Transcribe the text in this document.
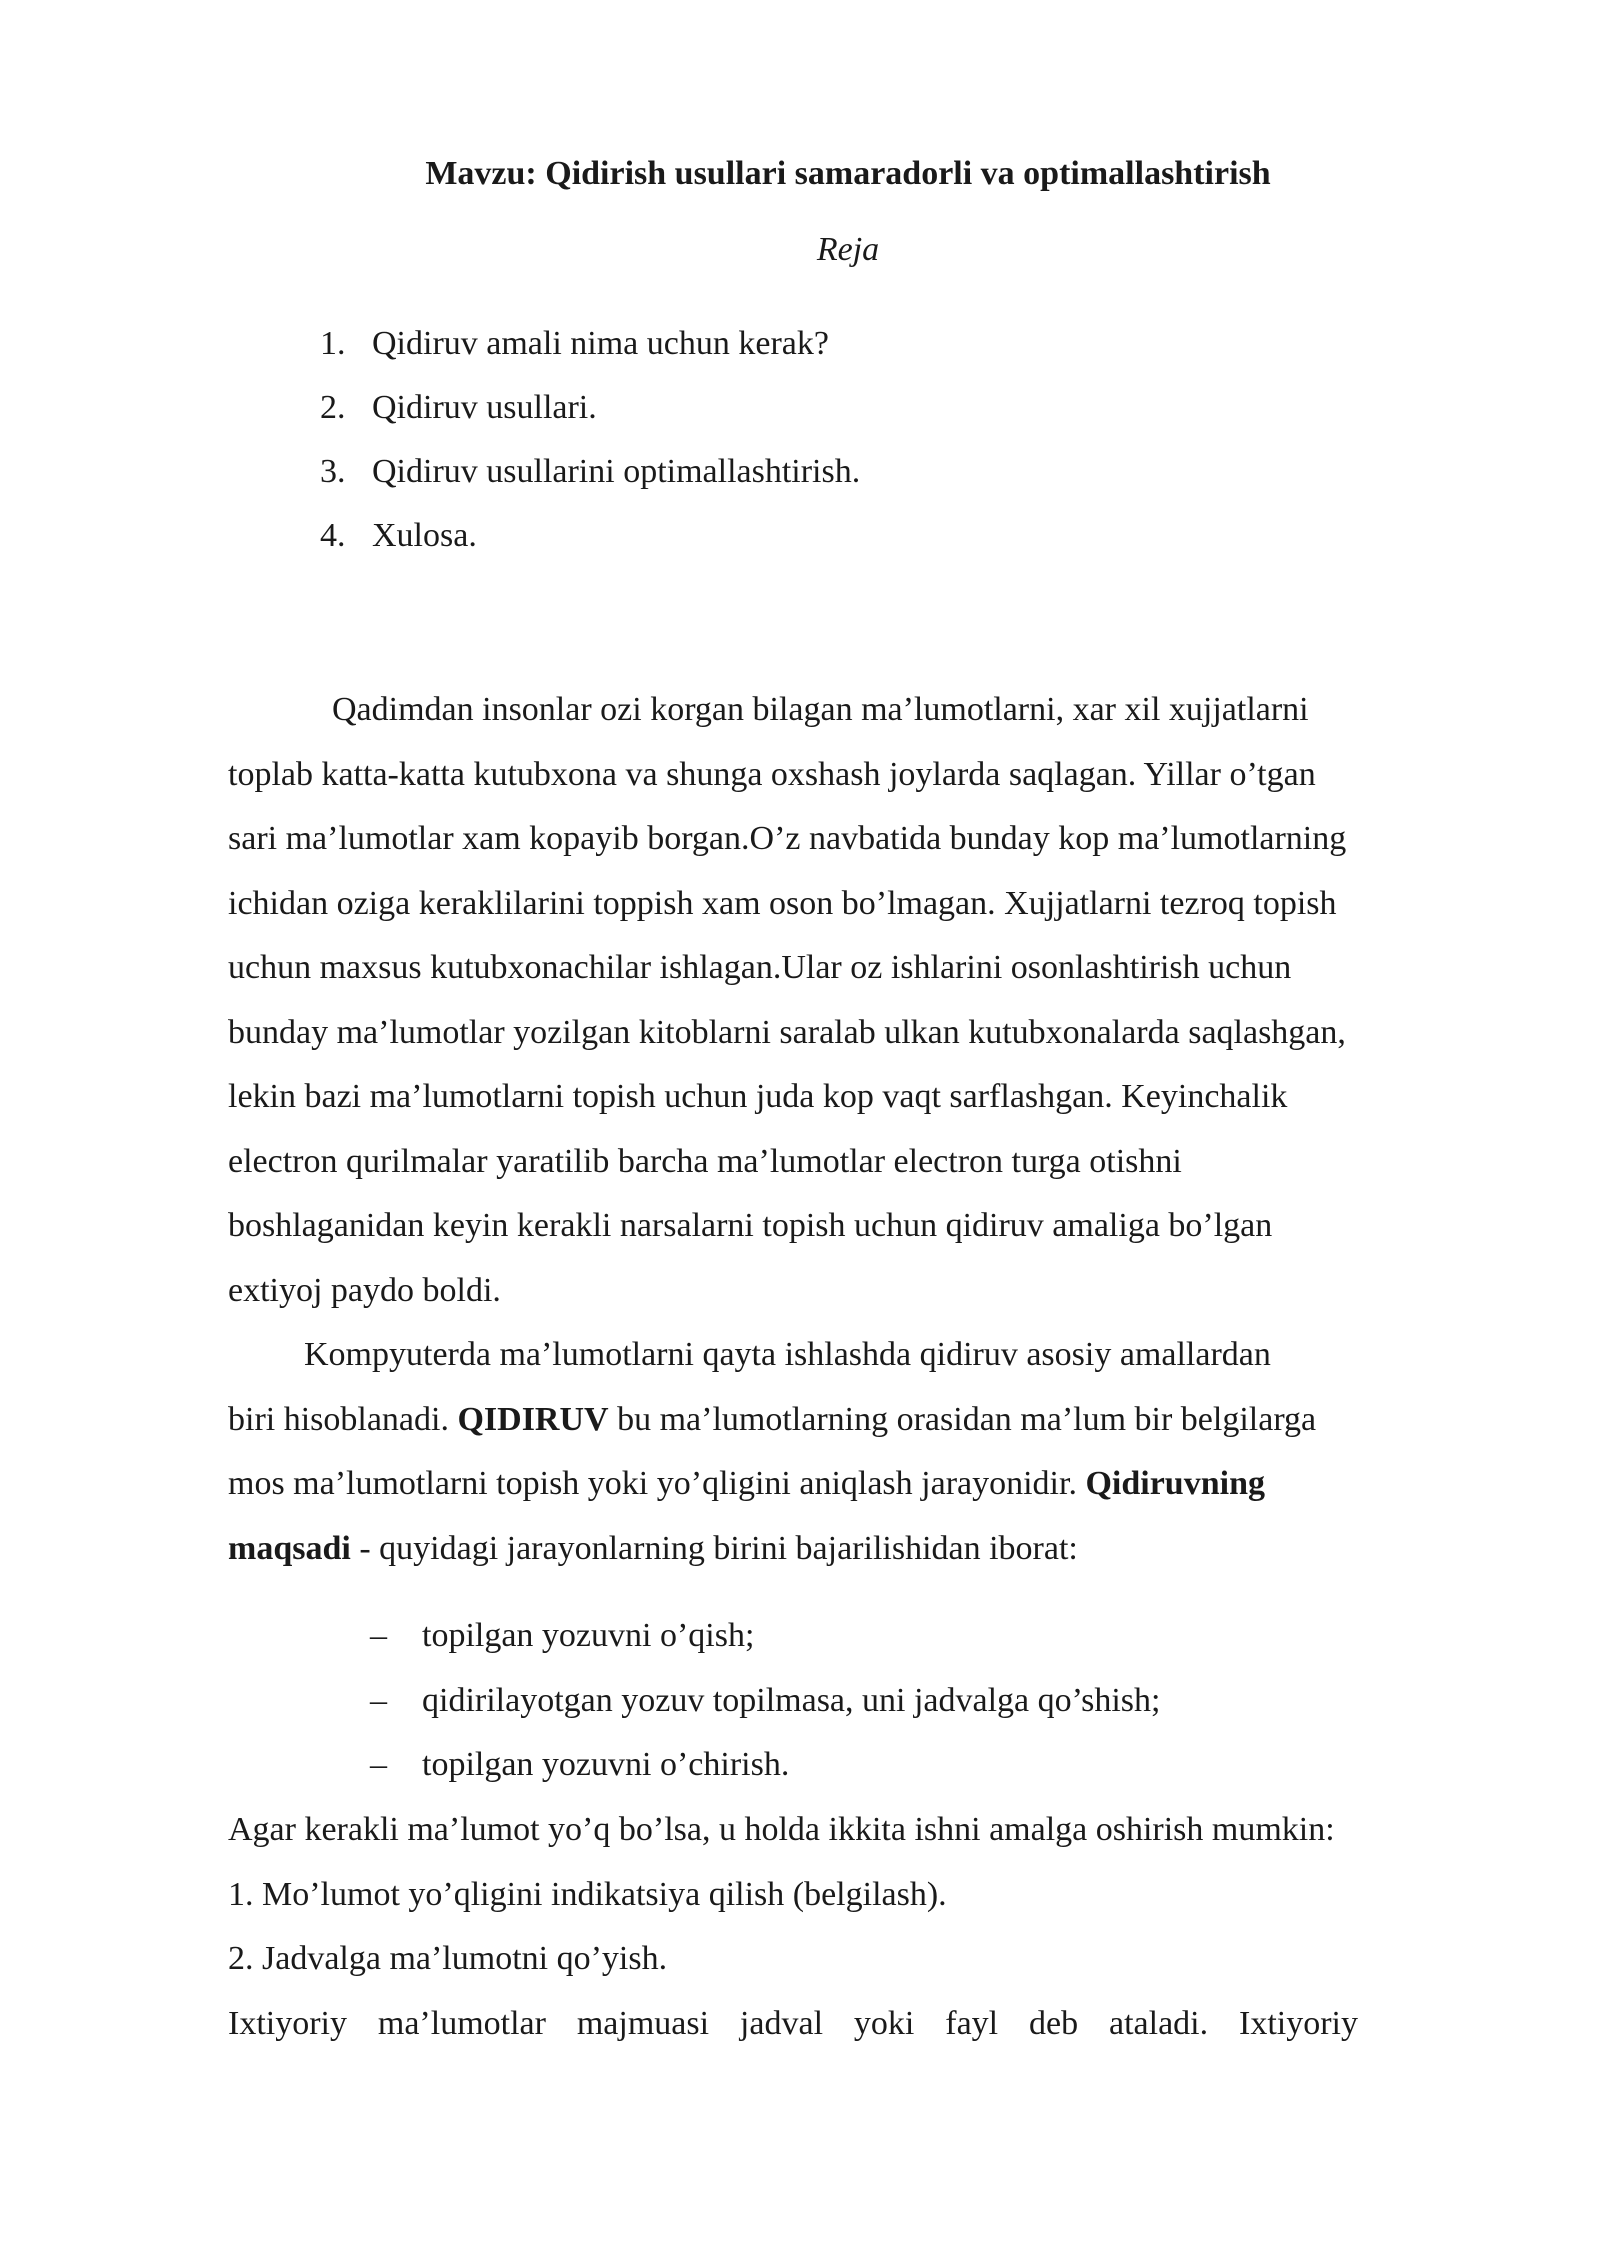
Mavzu: Qidirish usullari samaradorli va optimallashtirish
Reja
1. Qidiruv amali nima uchun kerak?
2. Qidiruv usullari.
3. Qidiruv usullarini optimallashtirish.
4. Xulosa.
Qadimdan insonlar ozi korgan bilagan ma’lumotlarni, xar xil xujjatlarni
toplab katta-katta kutubxona va shunga oxshash joylarda saqlagan. Yillar o’tgan
sari ma’lumotlar xam kopayib borgan.O’z navbatida bunday kop ma’lumotlarning
ichidan oziga keraklilarini toppish xam oson bo’lmagan. Xujjatlarni tezroq topish
uchun maxsus kutubxonachilar ishlagan.Ular oz ishlarini osonlashtirish uchun
bunday ma’lumotlar yozilgan kitoblarni saralab ulkan kutubxonalarda saqlashgan,
lekin bazi ma’lumotlarni topish uchun juda kop vaqt sarflashgan. Keyinchalik
electron qurilmalar yaratilib barcha ma’lumotlar electron turga otishni
boshlaganidan keyin kerakli narsalarni topish uchun qidiruv amaliga bo’lgan
extiyoj paydo boldi.
Kompyuterda ma’lumotlarni qayta ishlashda qidiruv asosiy amallardan
biri hisoblanadi. QIDIRUV bu ma’lumotlarning orasidan ma’lum bir belgilarga
mos ma’lumotlarni topish yoki yo’qligini aniqlash jarayonidir. Qidiruvning
maqsadi - quyidagi jarayonlarning birini bajarilishidan iborat:
– topilgan yozuvni o’qish;
– qidirilayotgan yozuv topilmasa, uni jadvalga qo’shish;
– topilgan yozuvni o’chirish.
Agar kerakli ma’lumot yo’q bo’lsa, u holda ikkita ishni amalga oshirish mumkin:
1. Mo’lumot yo’qligini indikatsiya qilish (belgilash).
2. Jadvalga ma’lumotni qo’yish.
Ixtiyoriy ma’lumotlar majmuasi jadval yoki fayl deb ataladi. Ixtiyoriy
